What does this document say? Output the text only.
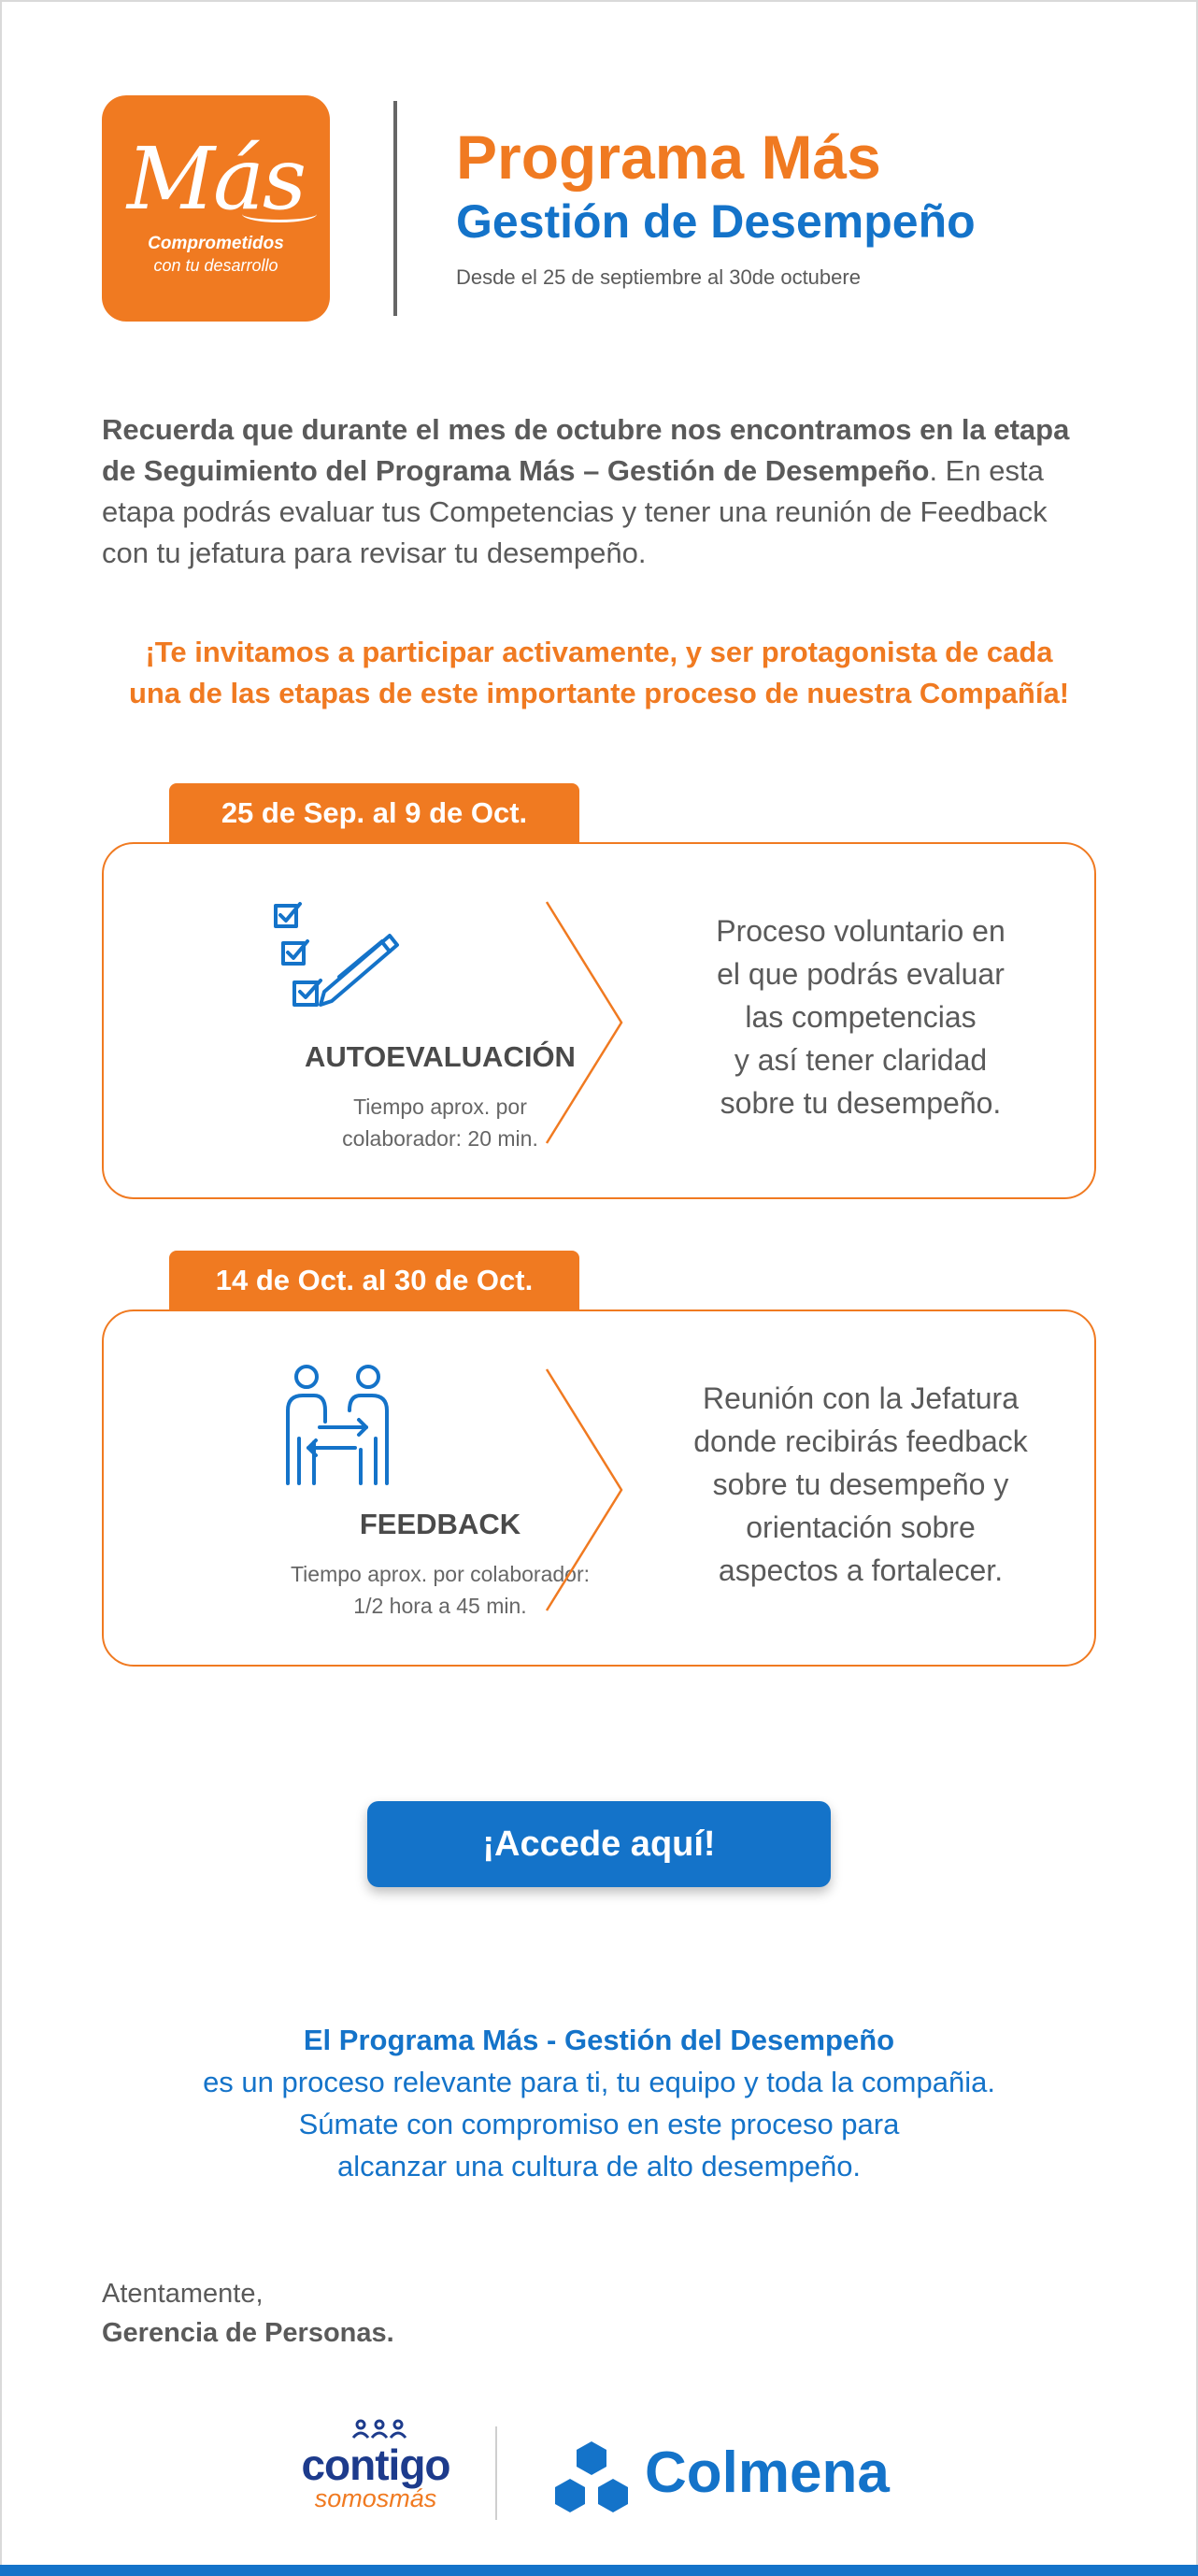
Más
Comprometidos
con tu desarrollo
Programa Más
Gestión de Desempeño
Desde el 25 de septiembre al 30de octubere

Recuerda que durante el mes de octubre nos encontramos en la etapa de Seguimiento del Programa Más – Gestión de Desempeño. En esta etapa podrás evaluar tus Competencias y tener una reunión de Feedback con tu jefatura para revisar tu desempeño.

¡Te invitamos a participar activamente, y ser protagonista de cada
una de las etapas de este importante proceso de nuestra Compañía!

25 de Sep. al 9 de Oct.
AUTOEVALUACIÓN
Tiempo aprox. por
colaborador: 20 min.
Proceso voluntario en
el que podrás evaluar
las competencias
y así tener claridad
sobre tu desempeño.
14 de Oct. al 30 de Oct.
FEEDBACK
Tiempo aprox. por colaborador:
1/2 hora a 45 min.
Reunión con la Jefatura
donde recibirás feedback
sobre tu desempeño y
orientación sobre
aspectos a fortalecer.
¡Accede aquí!
El Programa Más - Gestión del Desempeño
es un proceso relevante para ti, tu equipo y toda la compañia.
Súmate con compromiso en este proceso para
alcanzar una cultura de alto desempeño.
Atentamente,
Gerencia de Personas.
contigo
somosmás	Colmena
